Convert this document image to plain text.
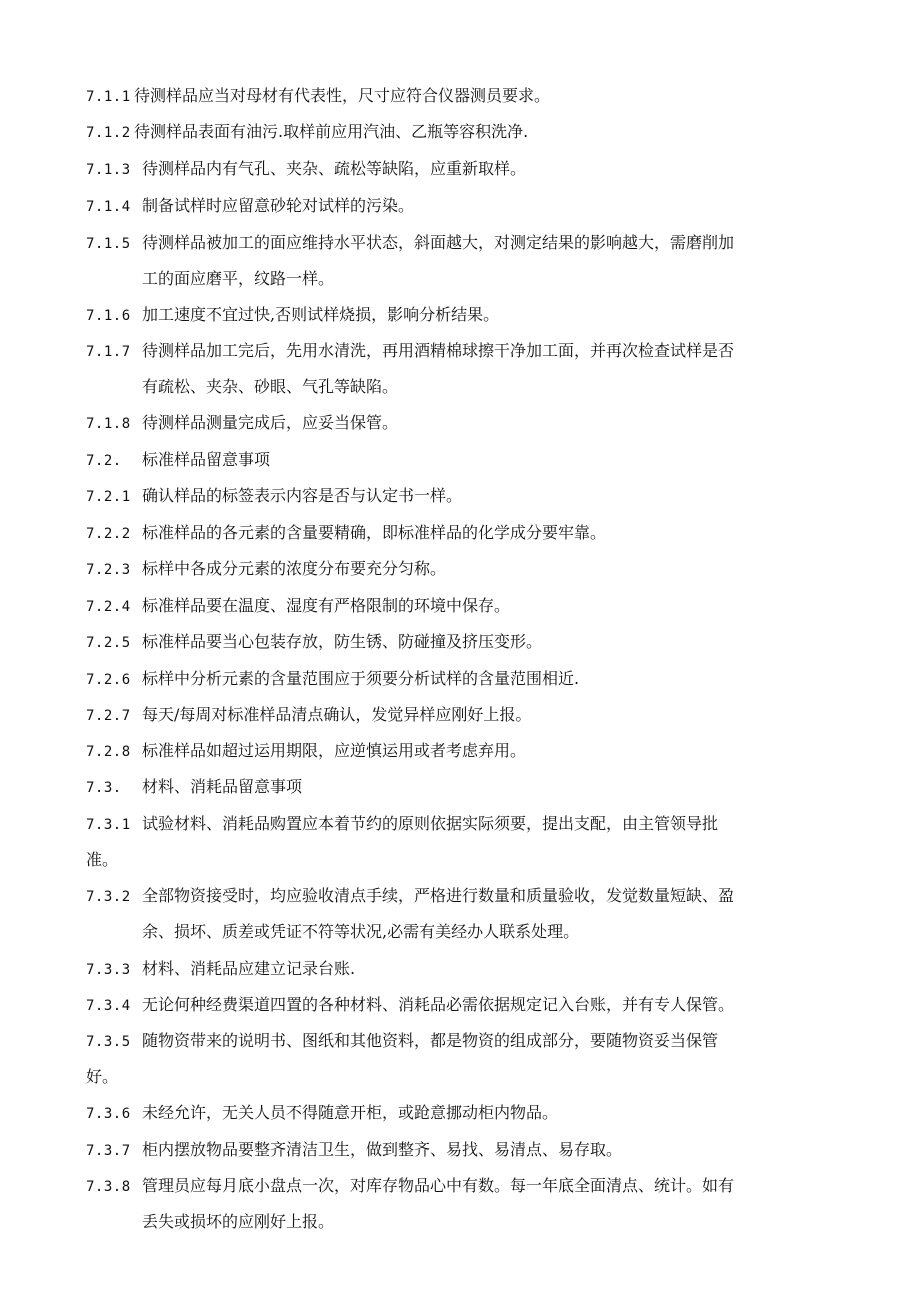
7.1.1 待测样品应当对母材有代表性，尺寸应符合仪器测员要求。
7.1.2 待测样品表面有油污.取样前应用汽油、乙瓶等容积洗净.
7.1.3 待测样品内有气孔、夹杂、疏松等缺陷，应重新取样。
7.1.4 制备试样时应留意砂轮对试样的污染。
7.1.5 待测样品被加工的面应维持水平状态，斜面越大，对测定结果的影响越大，需磨削加
工的面应磨平，纹路一样。
7.1.6 加工速度不宜过快,否则试样烧损，影响分析结果。
7.1.7 待测样品加工完后，先用水清洗，再用酒精棉球擦干净加工面，并再次检查试样是否
有疏松、夹杂、砂眼、气孔等缺陷。
7.1.8 待测样品测量完成后，应妥当保管。
7.2. 标准样品留意事项
7.2.1 确认样品的标签表示内容是否与认定书一样。
7.2.2 标准样品的各元素的含量要精确，即标准样品的化学成分要牢靠。
7.2.3 标样中各成分元素的浓度分布要充分匀称。
7.2.4 标准样品要在温度、湿度有严格限制的环境中保存。
7.2.5 标准样品要当心包装存放，防生锈、防碰撞及挤压变形。
7.2.6 标样中分析元素的含量范围应于须要分析试样的含量范围相近.
7.2.7 每天/每周对标准样品清点确认，发觉异样应刚好上报。
7.2.8 标准样品如超过运用期限，应逆慎运用或者考虑弃用。
7.3. 材料、消耗品留意事项
7.3.1 试验材料、消耗品购置应本着节约的原则依据实际须要，提出支配，由主管领导批
准。
7.3.2 全部物资接受时，均应验收清点手续，严格进行数量和质量验收，发觉数量短缺、盈
余、损坏、质差或凭证不符等状况,必需有美经办人联系处理。
7.3.3 材料、消耗品应建立记录台账.
7.3.4 无论何种经费渠道四置的各种材料、消耗品必需依据规定记入台账，并有专人保管。
7.3.5 随物资带来的说明书、图纸和其他资料，都是物资的组成部分，要随物资妥当保管
好。
7.3.6 未经允许，无关人员不得随意开柜，或跄意挪动柜内物品。
7.3.7 柜内摆放物品要整齐清洁卫生，做到整齐、易找、易清点、易存取。
7.3.8 管理员应每月底小盘点一次，对库存物品心中有数。每一年底全面清点、统计。如有
丢失或损坏的应刚好上报。
